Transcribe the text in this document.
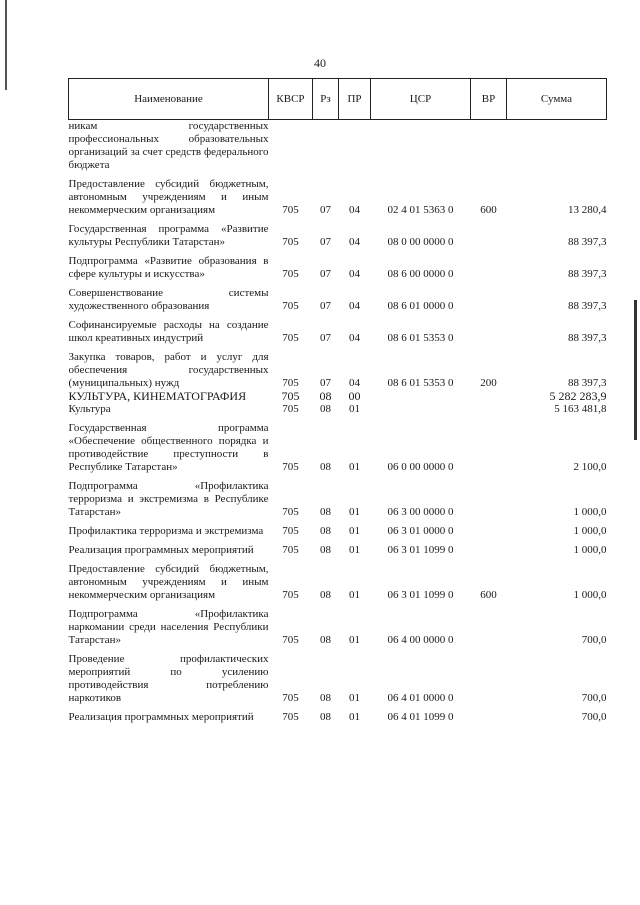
40
Наименование	КВСР	Рз	ПР	ЦСР	ВР	Сумма
никам государственных профессиональных образовательных организаций за счет средств федерального бюджета						
Предоставление субсидий бюджетным, автономным учреждениям и иным некоммерческим организациям	705	07	04	02 4 01 5363 0	600	13 280,4
Государственная программа «Развитие культуры Республики Татарстан»	705	07	04	08 0 00 0000 0		88 397,3
Подпрограмма «Развитие образования в сфере культуры и искусства»	705	07	04	08 6 00 0000 0		88 397,3
Совершенствование системы художественного образования	705	07	04	08 6 01 0000 0		88 397,3
Софинансируемые расходы на создание школ креативных индустрий	705	07	04	08 6 01 5353 0		88 397,3
Закупка товаров, работ и услуг для обеспечения государственных (муниципальных) нужд	705	07	04	08 6 01 5353 0	200	88 397,3
КУЛЬТУРА, КИНЕМАТОГРАФИЯ	705	08	00			5 282 283,9
Культура	705	08	01			5 163 481,8
Государственная программа «Обеспечение общественного порядка и противодействие преступности в Республике Татарстан»	705	08	01	06 0 00 0000 0		2 100,0
Подпрограмма «Профилактика терроризма и экстремизма в Республике Татарстан»	705	08	01	06 3 00 0000 0		1 000,0
Профилактика терроризма и экстремизма	705	08	01	06 3 01 0000 0		1 000,0
Реализация программных мероприятий	705	08	01	06 3 01 1099 0		1 000,0
Предоставление субсидий бюджетным, автономным учреждениям и иным некоммерческим организациям	705	08	01	06 3 01 1099 0	600	1 000,0
Подпрограмма «Профилактика наркомании среди населения Республики Татарстан»	705	08	01	06 4 00 0000 0		700,0
Проведение профилактических мероприятий по усилению противодействия потреблению наркотиков	705	08	01	06 4 01 0000 0		700,0
Реализация программных мероприятий	705	08	01	06 4 01 1099 0		700,0
